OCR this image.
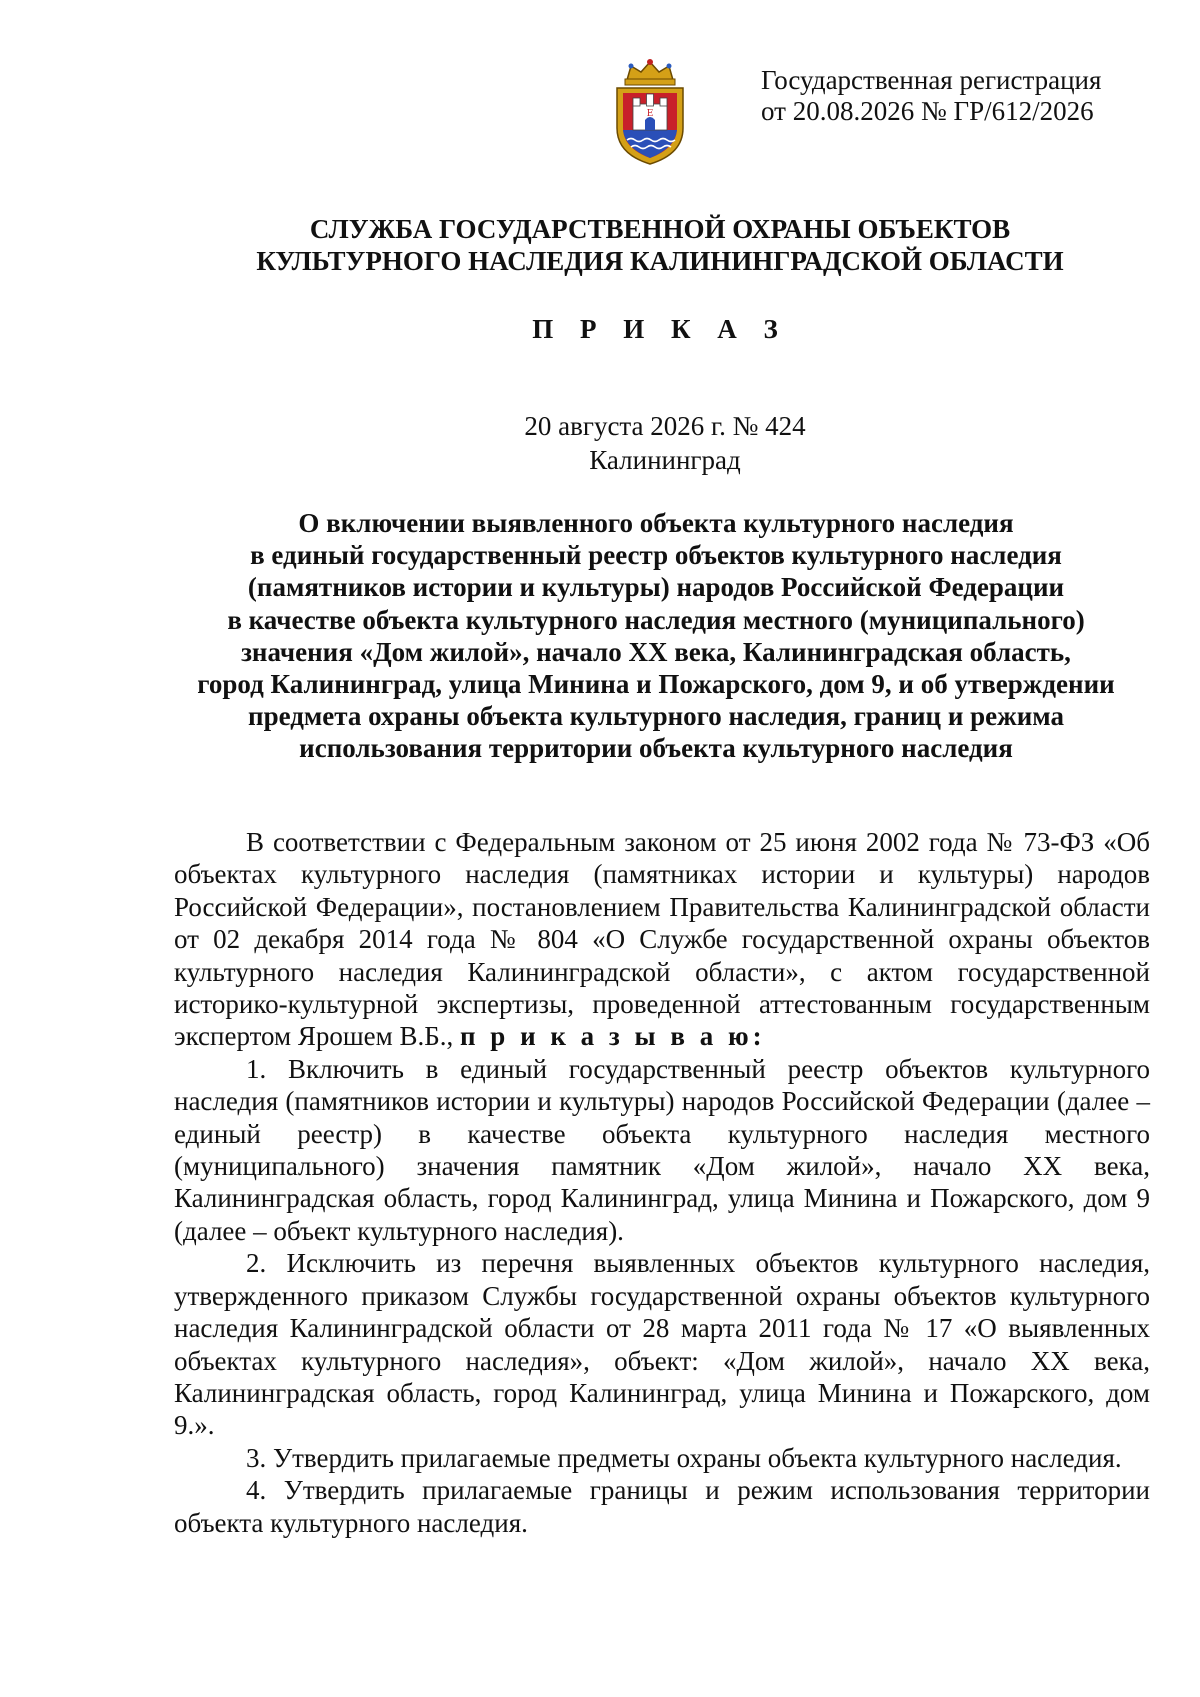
E
Государственная регистрация
от 20.08.2026 № ГР/612/2026
СЛУЖБА ГОСУДАРСТВЕННОЙ ОХРАНЫ ОБЪЕКТОВ
КУЛЬТУРНОГО НАСЛЕДИЯ КАЛИНИНГРАДСКОЙ ОБЛАСТИ
П Р И К А З
20 августа 2026 г. № 424
Калининград
О включении выявленного объекта культурного наследия
в единый государственный реестр объектов культурного наследия
(памятников истории и культуры) народов Российской Федерации
в качестве объекта культурного наследия местного (муниципального)
значения «Дом жилой», начало XX века, Калининградская область,
город Калининград, улица Минина и Пожарского, дом 9, и об утверждении
предмета охраны объекта культурного наследия, границ и режима
использования территории объекта культурного наследия

В соответствии с Федеральным законом от 25 июня 2002 года № 73-ФЗ «Об объектах культурного наследия (памятниках истории и культуры) народов Российской Федерации», постановлением Правительства Калининградской области от 02 декабря 2014 года № 804 «О Службе государственной охраны объектов культурного наследия Калининградской области», с актом государственной историко-культурной экспертизы, проведенной аттестованным государственным экспертом Ярошем В.Б., п р и к а з ы в а ю:

1. Включить в единый государственный реестр объектов культурного наследия (памятников истории и культуры) народов Российской Федерации (далее – единый реестр) в качестве объекта культурного наследия местного (муниципального) значения памятник «Дом жилой», начало XX века, Калининградская область, город Калининград, улица Минина и Пожарского, дом 9 (далее – объект культурного наследия).

2. Исключить из перечня выявленных объектов культурного наследия, утвержденного приказом Службы государственной охраны объектов культурного наследия Калининградской области от 28 марта 2011 года № 17 «О выявленных объектах культурного наследия», объект: «Дом жилой», начало XX века, Калининградская область, город Калининград, улица Минина и Пожарского, дом 9.».

3. Утвердить прилагаемые предметы охраны объекта культурного наследия.

4. Утвердить прилагаемые границы и режим использования территории объекта культурного наследия.
